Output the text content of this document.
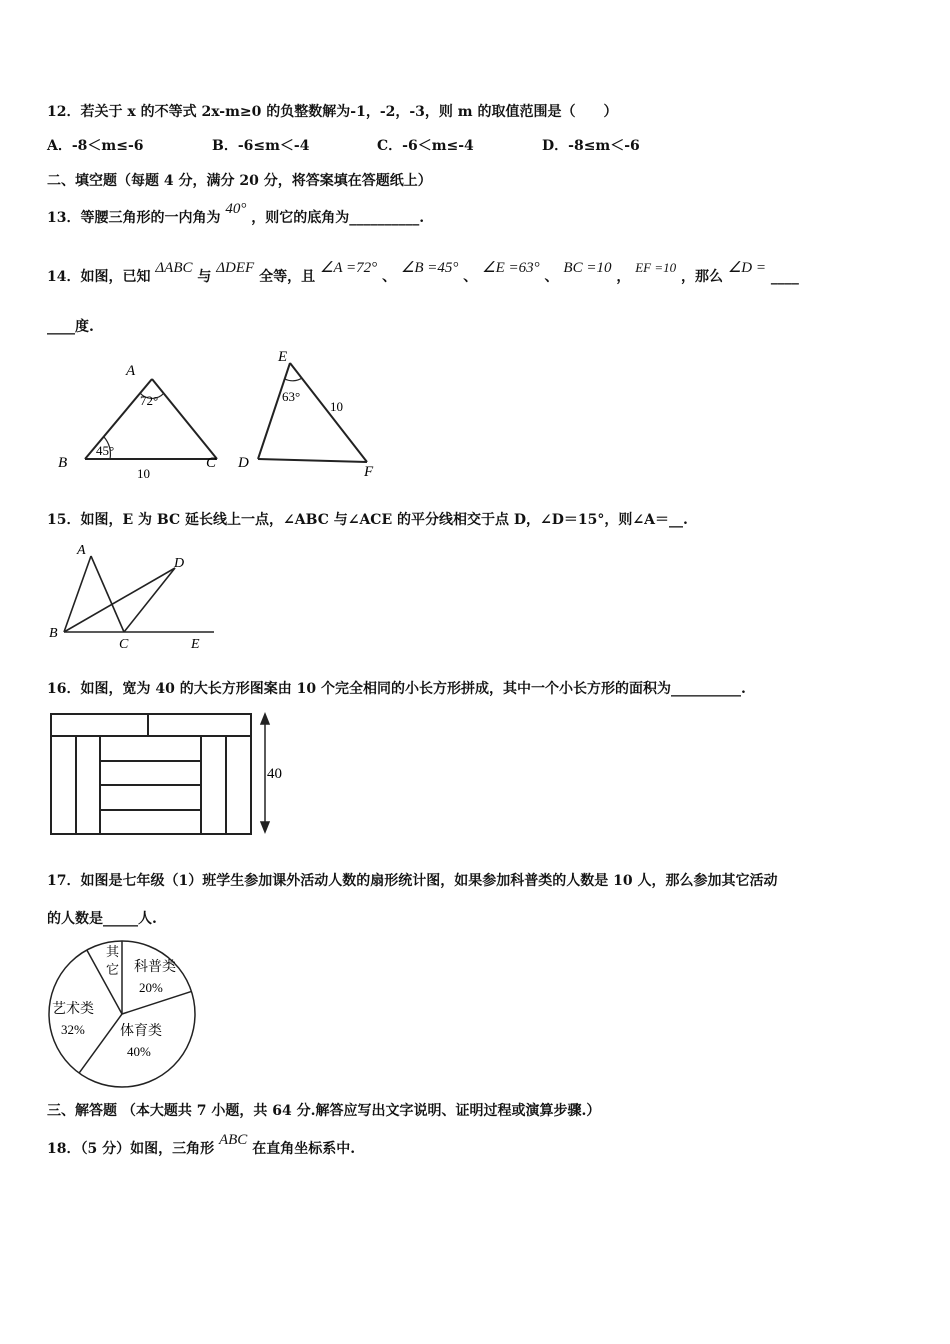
12．若关于 x 的不等式 2x-m≥0 的负整数解为-1，-2，-3，则 m 的取值范围是（　　）
A．-8＜m≤-6	B．-6≤m＜-4	C．-6＜m≤-4	D．-8≤m＜-6
二、填空题（每题 4 分，满分 20 分，将答案填在答题纸上）
13．等腰三角形的一内角为 40° ，则它的底角为__________.
14．如图，已知 ΔABC 与 ΔDEF 全等，且 ∠A =72° 、 ∠B =45° 、 ∠E =63° 、 BC =10 ， EF =10 ，那么 ∠D = ____
____度.
A
72°
B
45°
C
10
E
63°
10
D
F
15．如图，E 为 BC 延长线上一点，∠ABC 与∠ACE 的平分线相交于点 D，∠D＝15°，则∠A＝__.
A
B
C
D
E
16．如图，宽为 40 的大长方形图案由 10 个完全相同的小长方形拼成，其中一个小长方形的面积为__________.
40
17．如图是七年级（1）班学生参加课外活动人数的扇形统计图，如果参加科普类的人数是 10 人，那么参加其它活动
的人数是_____人.
科普类
20%
体育类
40%
艺术类
32%
其
它
三、解答题 （本大题共 7 小题，共 64 分.解答应写出文字说明、证明过程或演算步骤.）
18．（5 分）如图，三角形 ABC 在直角坐标系中.
